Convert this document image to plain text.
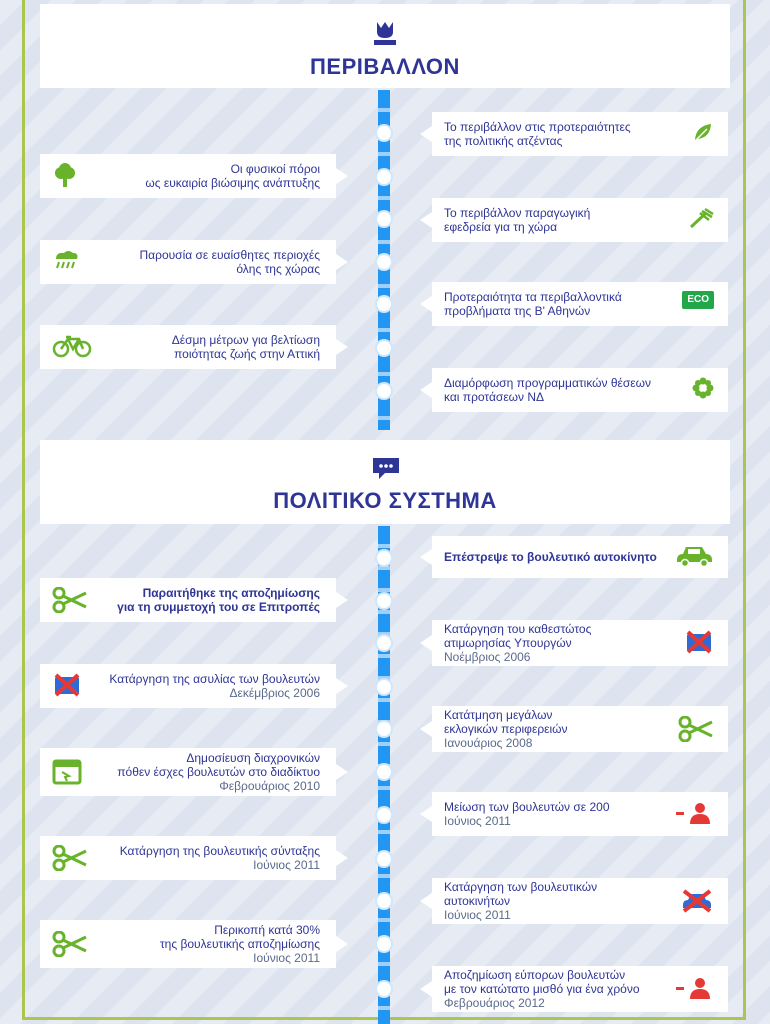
ΠΕΡΙΒΑΛΛΟΝ
Το περιβάλλον στις προτεραιότητες
της πολιτικής ατζέντας
Οι φυσικοί πόροι
ως ευκαιρία βιώσιμης ανάπτυξης
Το περιβάλλον παραγωγική
εφεδρεία για τη χώρα
Παρουσία σε ευαίσθητες περιοχές
όλης της χώρας
Προτεραιότητα τα περιβαλλοντικά
προβλήματα της Β' Αθηνών
ECO
Δέσμη μέτρων για βελτίωση
ποιότητας ζωής στην Αττική
Διαμόρφωση προγραμματικών θέσεων
και προτάσεων ΝΔ
ΠΟΛΙΤΙΚΟ ΣΥΣΤΗΜΑ
Επέστρεψε το βουλευτικό αυτοκίνητο
Παραιτήθηκε της αποζημίωσης
για τη συμμετοχή του σε Επιτροπές
Κατάργηση του καθεστώτος
ατιμωρησίας Υπουργών
Νοέμβριος 2006
Κατάργηση της ασυλίας των βουλευτών
Δεκέμβριος 2006
Κατάτμηση μεγάλων
εκλογικών περιφερειών
Ιανουάριος 2008
Δημοσίευση διαχρονικών
πόθεν έσχες βουλευτών στο διαδίκτυο
Φεβρουάριος 2010
Μείωση των βουλευτών σε 200
Ιούνιος 2011
Κατάργηση της βουλευτικής σύνταξης
Ιούνιος 2011
Κατάργηση των βουλευτικών
αυτοκινήτων
Ιούνιος 2011
Περικοπή κατά 30%
της βουλευτικής αποζημίωσης
Ιούνιος 2011
Αποζημίωση εύπορων βουλευτών
με τον κατώτατο μισθό για ένα χρόνο
Φεβρουάριος 2012
